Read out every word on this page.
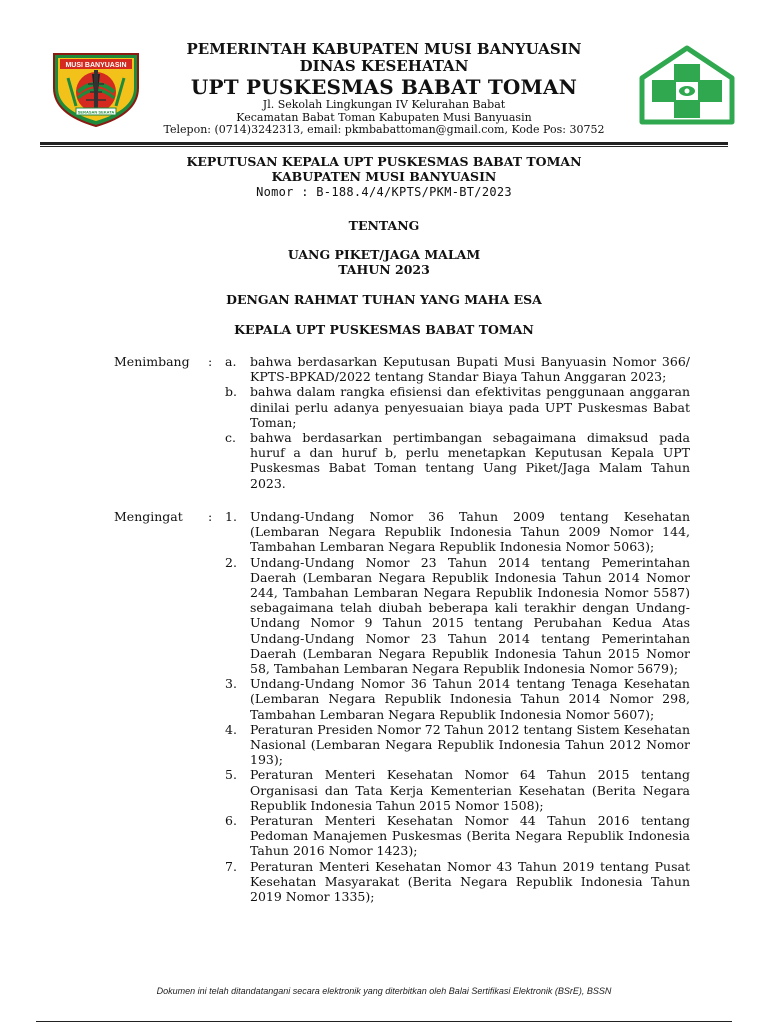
MUSI BANYUASIN
SERASAN SEKATA
PEMERINTAH KABUPATEN MUSI BANYUASIN
DINAS KESEHATAN
UPT PUSKESMAS BABAT TOMAN
Jl. Sekolah Lingkungan IV Kelurahan Babat
Kecamatan Babat Toman Kabupaten Musi Banyuasin
Telepon: (0714)3242313, email: pkmbabattoman@gmail.com, Kode Pos: 30752
KEPUTUSAN KEPALA UPT PUSKESMAS BABAT TOMAN
KABUPATEN MUSI BANYUASIN
Nomor : B-188.4/4/KPTS/PKM-BT/2023
TENTANG
UANG PIKET/JAGA MALAM
TAHUN 2023
DENGAN RAHMAT TUHAN YANG MAHA ESA
KEPALA UPT PUSKESMAS BABAT TOMAN
Menimbang : a. bahwa berdasarkan Keputusan Bupati Musi Banyuasin Nomor 366/ KPTS-BPKAD/2022 tentang Standar Biaya Tahun Anggaran 2023;
b. bahwa dalam rangka efisiensi dan efektivitas penggunaan anggaran dinilai perlu adanya penyesuaian biaya pada UPT Puskesmas Babat Toman;
c. bahwa berdasarkan pertimbangan sebagaimana dimaksud pada huruf a dan huruf b, perlu menetapkan Keputusan Kepala UPT Puskesmas Babat Toman tentang Uang Piket/Jaga Malam Tahun 2023.
Mengingat : 1. Undang-Undang Nomor 36 Tahun 2009 tentang Kesehatan (Lembaran Negara Republik Indonesia Tahun 2009 Nomor 144, Tambahan Lembaran Negara Republik Indonesia Nomor 5063);
2. Undang-Undang Nomor 23 Tahun 2014 tentang Pemerintahan Daerah (Lembaran Negara Republik Indonesia Tahun 2014 Nomor 244, Tambahan Lembaran Negara Republik Indonesia Nomor 5587) sebagaimana telah diubah beberapa kali terakhir dengan Undang-Undang Nomor 9 Tahun 2015 tentang Perubahan Kedua Atas Undang-Undang Nomor 23 Tahun 2014 tentang Pemerintahan Daerah (Lembaran Negara Republik Indonesia Tahun 2015 Nomor 58, Tambahan Lembaran Negara Republik Indonesia Nomor 5679);
3. Undang-Undang Nomor 36 Tahun 2014 tentang Tenaga Kesehatan (Lembaran Negara Republik Indonesia Tahun 2014 Nomor 298, Tambahan Lembaran Negara Republik Indonesia Nomor 5607);
4. Peraturan Presiden Nomor 72 Tahun 2012 tentang Sistem Kesehatan Nasional (Lembaran Negara Republik Indonesia Tahun 2012 Nomor 193);
5. Peraturan Menteri Kesehatan Nomor 64 Tahun 2015 tentang Organisasi dan Tata Kerja Kementerian Kesehatan (Berita Negara Republik Indonesia Tahun 2015 Nomor 1508);
6. Peraturan Menteri Kesehatan Nomor 44 Tahun 2016 tentang Pedoman Manajemen Puskesmas (Berita Negara Republik Indonesia Tahun 2016 Nomor 1423);
7. Peraturan Menteri Kesehatan Nomor 43 Tahun 2019 tentang Pusat Kesehatan Masyarakat (Berita Negara Republik Indonesia Tahun 2019 Nomor 1335);
Dokumen ini telah ditandatangani secara elektronik yang diterbitkan oleh Balai Sertifikasi Elektronik (BSrE), BSSN
